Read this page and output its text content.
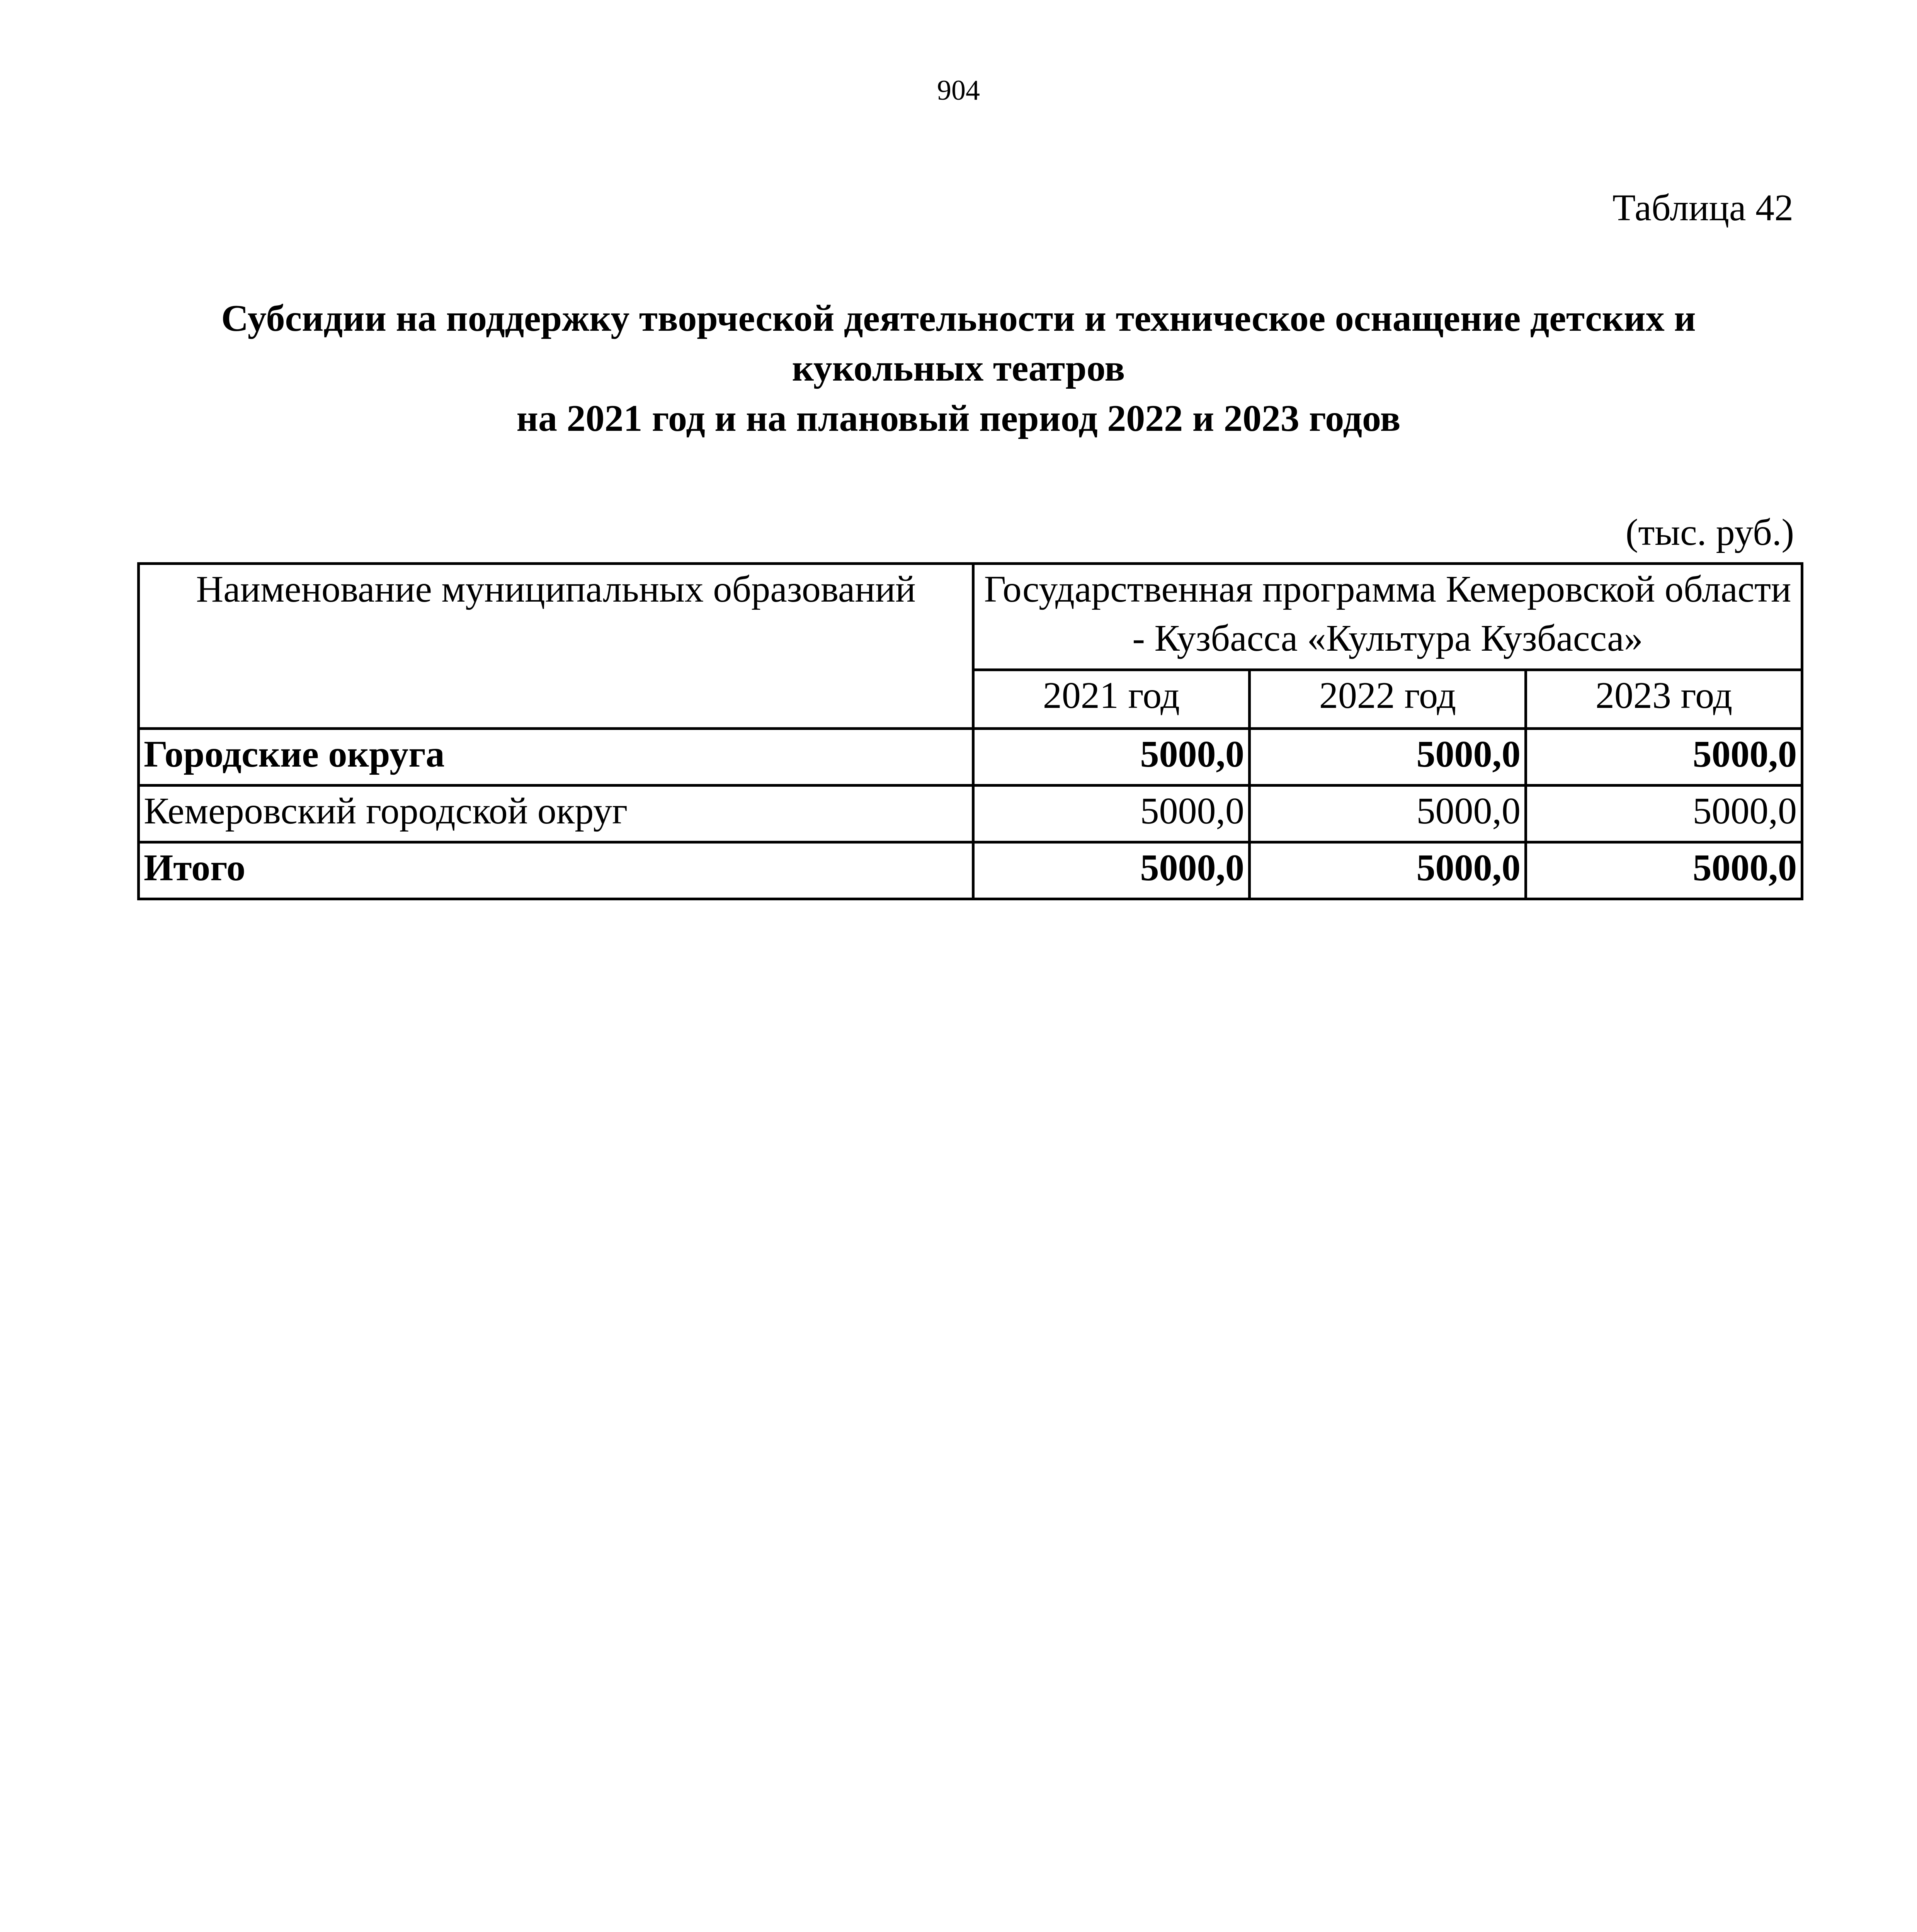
904
Таблица 42
Субсидии на поддержку творческой деятельности и техническое оснащение детских и
кукольных театров
на 2021 год и на плановый период 2022 и 2023 годов
(тыс. руб.)
Наименование муниципальных образований	Государственная программа Кемеровской области - Кузбасса «Культура Кузбасса»		
	2021 год	2022 год	2023 год
Городские округа	5000,0	5000,0	5000,0
Кемеровский городской округ	5000,0	5000,0	5000,0
Итого	5000,0	5000,0	5000,0
